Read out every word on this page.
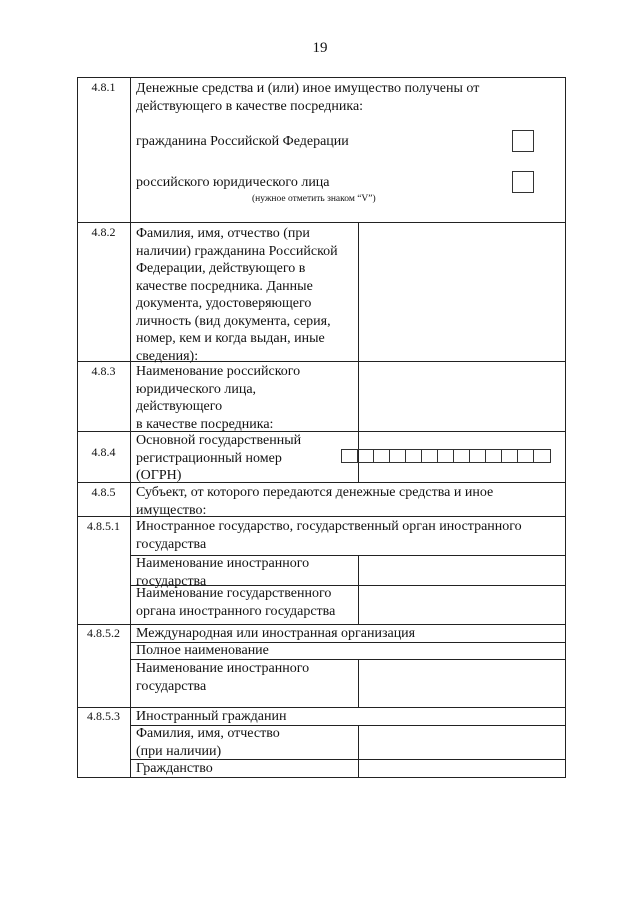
19
4.8.1	Денежные средства и (или) иное имущество получены от
действующего в качестве посредника:
гражданина Российской Федерации
российского юридического лица
(нужное отметить знаком “V”)
4.8.2	Фамилия, имя, отчество (при
наличии) гражданина Российской
Федерации, действующего в
качестве посредника. Данные
документа, удостоверяющего
личность (вид документа, серия,
номер, кем и когда выдан, иные
сведения):
4.8.3	Наименование российского
юридического лица,
действующего
в качестве посредника:
4.8.4
Основной государственный
регистрационный номер
(ОГРН)
4.8.5	Субъект, от которого передаются денежные средства и иное
имущество:
4.8.5.1	Иностранное государство, государственный орган иностранного
государства
Наименование иностранного
государства
Наименование государственного
органа иностранного государства
4.8.5.2	Международная или иностранная организация
Полное наименование
Наименование иностранного
государства
4.8.5.3	Иностранный гражданин
Фамилия, имя, отчество
(при наличии)
Гражданство
